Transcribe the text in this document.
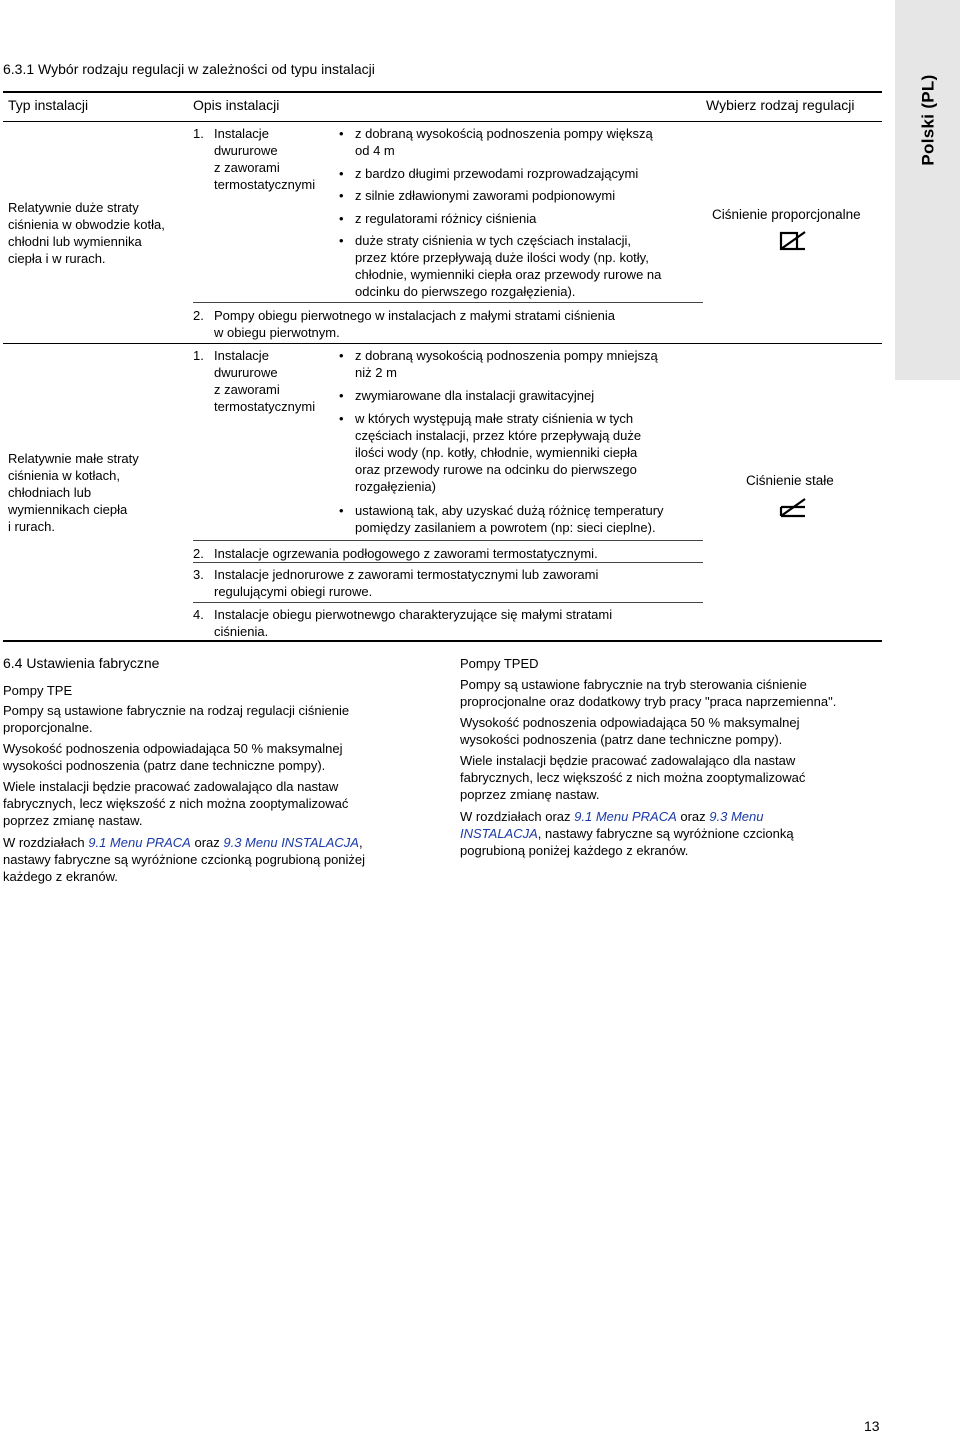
Polski (PL)
6.3.1 Wybór rodzaju regulacji w zależności od typu instalacji
Typ instalacji	Opis instalacji	Wybierz rodzaj regulacji
Relatywnie duże straty
ciśnienia w obwodzie kotła,
chłodni lub wymiennika
ciepła i w rurach.
1. Instalacje
dwururowe
z zaworami
termostatycznymi
• z dobraną wysokością podnoszenia pompy większą
od 4 m
• z bardzo długimi przewodami rozprowadzającymi
• z silnie zdławionymi zaworami podpionowymi
• z regulatorami różnicy ciśnienia
• duże straty ciśnienia w tych częściach instalacji,
przez które przepływają duże ilości wody (np. kotły,
chłodnie, wymienniki ciepła oraz przewody rurowe na
odcinku do pierwszego rozgałęzienia).
2. Pompy obiegu pierwotnego w instalacjach z małymi stratami ciśnienia
w obiegu pierwotnym.
Ciśnienie proporcjonalne
Relatywnie małe straty
ciśnienia w kotłach,
chłodniach lub
wymiennikach ciepła
i rurach.
1. Instalacje
dwururowe
z zaworami
termostatycznymi
• z dobraną wysokością podnoszenia pompy mniejszą
niż 2 m
• zwymiarowane dla instalacji grawitacyjnej
• w których występują małe straty ciśnienia w tych
częściach instalacji, przez które przepływają duże
ilości wody (np. kotły, chłodnie, wymienniki ciepła
oraz przewody rurowe na odcinku do pierwszego
rozgałęzienia)
• ustawioną tak, aby uzyskać dużą różnicę temperatury
pomiędzy zasilaniem a powrotem (np: sieci cieplne).
2. Instalacje ogrzewania podłogowego z zaworami termostatycznymi.
3. Instalacje jednorurowe z zaworami termostatycznymi lub zaworami
regulującymi obiegi rurowe.
4. Instalacje obiegu pierwotnewgo charakteryzujące się małymi stratami
ciśnienia.
Ciśnienie stałe
6.4 Ustawienia fabryczne
Pompy TPE
Pompy są ustawione fabrycznie na rodzaj regulacji ciśnienie
proporcjonalne.
Wysokość podnoszenia odpowiadająca 50 % maksymalnej
wysokości podnoszenia (patrz dane techniczne pompy).
Wiele instalacji będzie pracować zadowalająco dla nastaw
fabrycznych, lecz większość z nich można zooptymalizować
poprzez zmianę nastaw.
W rozdziałach 9.1 Menu PRACA oraz 9.3 Menu INSTALACJA,
nastawy fabryczne są wyróżnione czcionką pogrubioną poniżej
każdego z ekranów.
Pompy TPED
Pompy są ustawione fabrycznie na tryb sterowania ciśnienie
proprocjonalne oraz dodatkowy tryb pracy "praca naprzemienna".
Wysokość podnoszenia odpowiadająca 50 % maksymalnej
wysokości podnoszenia (patrz dane techniczne pompy).
Wiele instalacji będzie pracować zadowalająco dla nastaw
fabrycznych, lecz większość z nich można zooptymalizować
poprzez zmianę nastaw.
W rozdziałach oraz 9.1 Menu PRACA oraz 9.3 Menu
INSTALACJA, nastawy fabryczne są wyróżnione czcionką
pogrubioną poniżej każdego z ekranów.
13
